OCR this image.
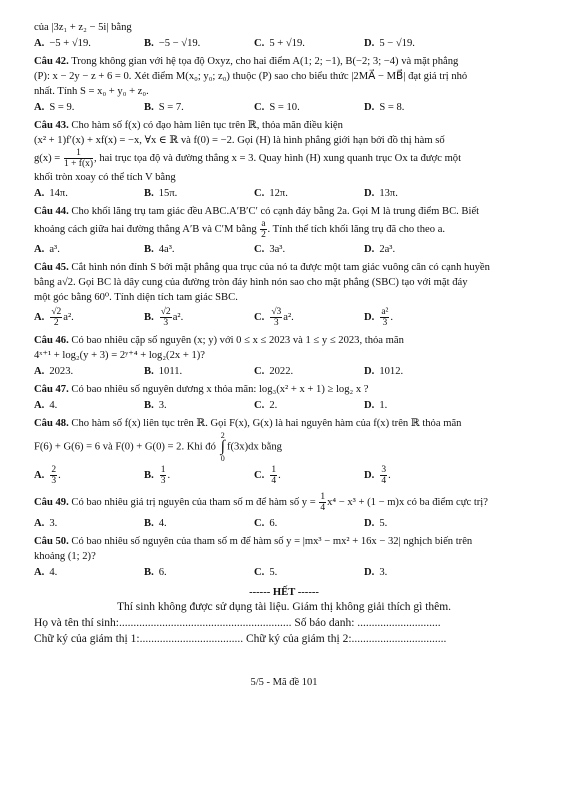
của |3z₁ + z₂ − 5i| bằng
A. −5 + √19.	B. −5 − √19.	C. 5 + √19.	D. 5 − √19.
Câu 42. Trong không gian với hệ tọa độ Oxyz, cho hai điểm A(1; 2; −1), B(−2; 3; −4) và mặt phẳng
(P): x − 2y − z + 6 = 0. Xét điểm M(x₀; y₀; z₀) thuộc (P) sao cho biểu thức |2MA⃗ − MB⃗| đạt giá trị nhỏ
nhất. Tính S = x₀ + y₀ + z₀.
A. S = 9.	B. S = 7.	C. S = 10.	D. S = 8.
Câu 43. Cho hàm số f(x) có đạo hàm liên tục trên ℝ, thỏa mãn điều kiện
(x² + 1)f′(x) + xf(x) = −x, ∀x ∈ ℝ và f(0) = −2. Gọi (H) là hình phẳng giới hạn bởi đồ thị hàm số
$g(x) = \frac{1}{1 + f(x)}$ , hai trục tọa độ và đường thẳng x = 3. Quay hình (H) xung quanh trục Ox ta được một
khối tròn xoay có thể tích V bằng
A. 14π.	B. 15π.	C. 12π.	D. 13π.
Câu 44. Cho khối lăng trụ tam giác đều ABC.A′B′C′ có cạnh đáy bằng 2a. Gọi M là trung điểm BC. Biết
khoảng cách giữa hai đường thẳng A′B và C′M bằng $\frac{a}{2}$ . Tính thể tích khối lăng trụ đã cho theo a.
A. a³.	B. 4a³.	C. 3a³.	D. 2a³.
Câu 45. Cắt hình nón đỉnh S bởi mặt phẳng qua trục của nó ta được một tam giác vuông cân có cạnh huyền
bằng a√2. Gọi BC là dây cung của đường tròn đáy hình nón sao cho mặt phẳng (SBC) tạo với mặt đáy
một góc bằng 60⁰. Tính diện tích tam giác SBC.
A. $\frac{√2}{2} a^2$.	B. $\frac{√2}{3} a^2$.	C. $\frac{√3}{3} a^2$.	D. $\frac{\text{a²}}{3}$ .
Câu 46. Có bao nhiêu cặp số nguyên (x; y) với 0 ≤ x ≤ 2023 và 1 ≤ y ≤ 2023, thỏa mãn
4ˣ⁺¹ + log₂(y + 3) = 2ʸ⁺⁴ + log₂(2x + 1)?
A. 2023.	B. 1011.	C. 2022.	D. 1012.
Câu 47. Có bao nhiêu số nguyên dương x thỏa mãn: log₃(x² + x + 1) ≥ log₂ x ?
A. 4.	B. 3.	C. 2.	D. 1.
Câu 48. Cho hàm số f(x) liên tục trên ℝ. Gọi F(x), G(x) là hai nguyên hàm của f(x) trên ℝ thỏa mãn
F(6) + G(6) = 6 và F(0) + G(0) = 2. Khi đó
2
∫
0
f(3x)dx bằng
A. $\frac{2}{3}$ .	B. $\frac{1}{3}$ .	C. $\frac{1}{4}$ .	D. $\frac{3}{4}$ .
Câu 49. Có bao nhiêu giá trị nguyên của tham số m để hàm số $y = \frac{1}{4} x^4 - x^3 + (1 - m)x$ có ba điểm cực trị?
A. 3.	B. 4.	C. 6.	D. 5.
Câu 50. Có bao nhiêu số nguyên của tham số m để hàm số y = |mx³ − mx² + 16x − 32| nghịch biến trên
khoảng (1; 2)?
A. 4.	B. 6.	C. 5.	D. 3.
------ HẾT ------
Thí sinh không được sử dụng tài liệu. Giám thị không giải thích gì thêm.
Họ và tên thí sinh:............................................................ Số báo danh: .............................
Chữ ký của giám thị 1:.................................... Chữ ký của giám thị 2:.................................
5/5 - Mã đề 101
